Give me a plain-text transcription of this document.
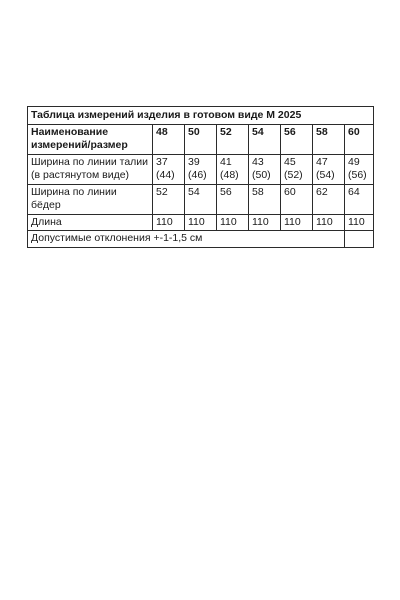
Таблица измерений изделия в готовом виде М 2025							
Наименование измерений/размер	48	50	52	54	56	58	60
Ширина по линии талии (в растянутом виде)	37 (44)	39 (46)	41 (48)	43 (50)	45 (52)	47 (54)	49 (56)
Ширина по линии бёдер	52	54	56	58	60	62	64
Длина	110	110	110	110	110	110	110
Допустимые отклонения +-1-1,5 см							
